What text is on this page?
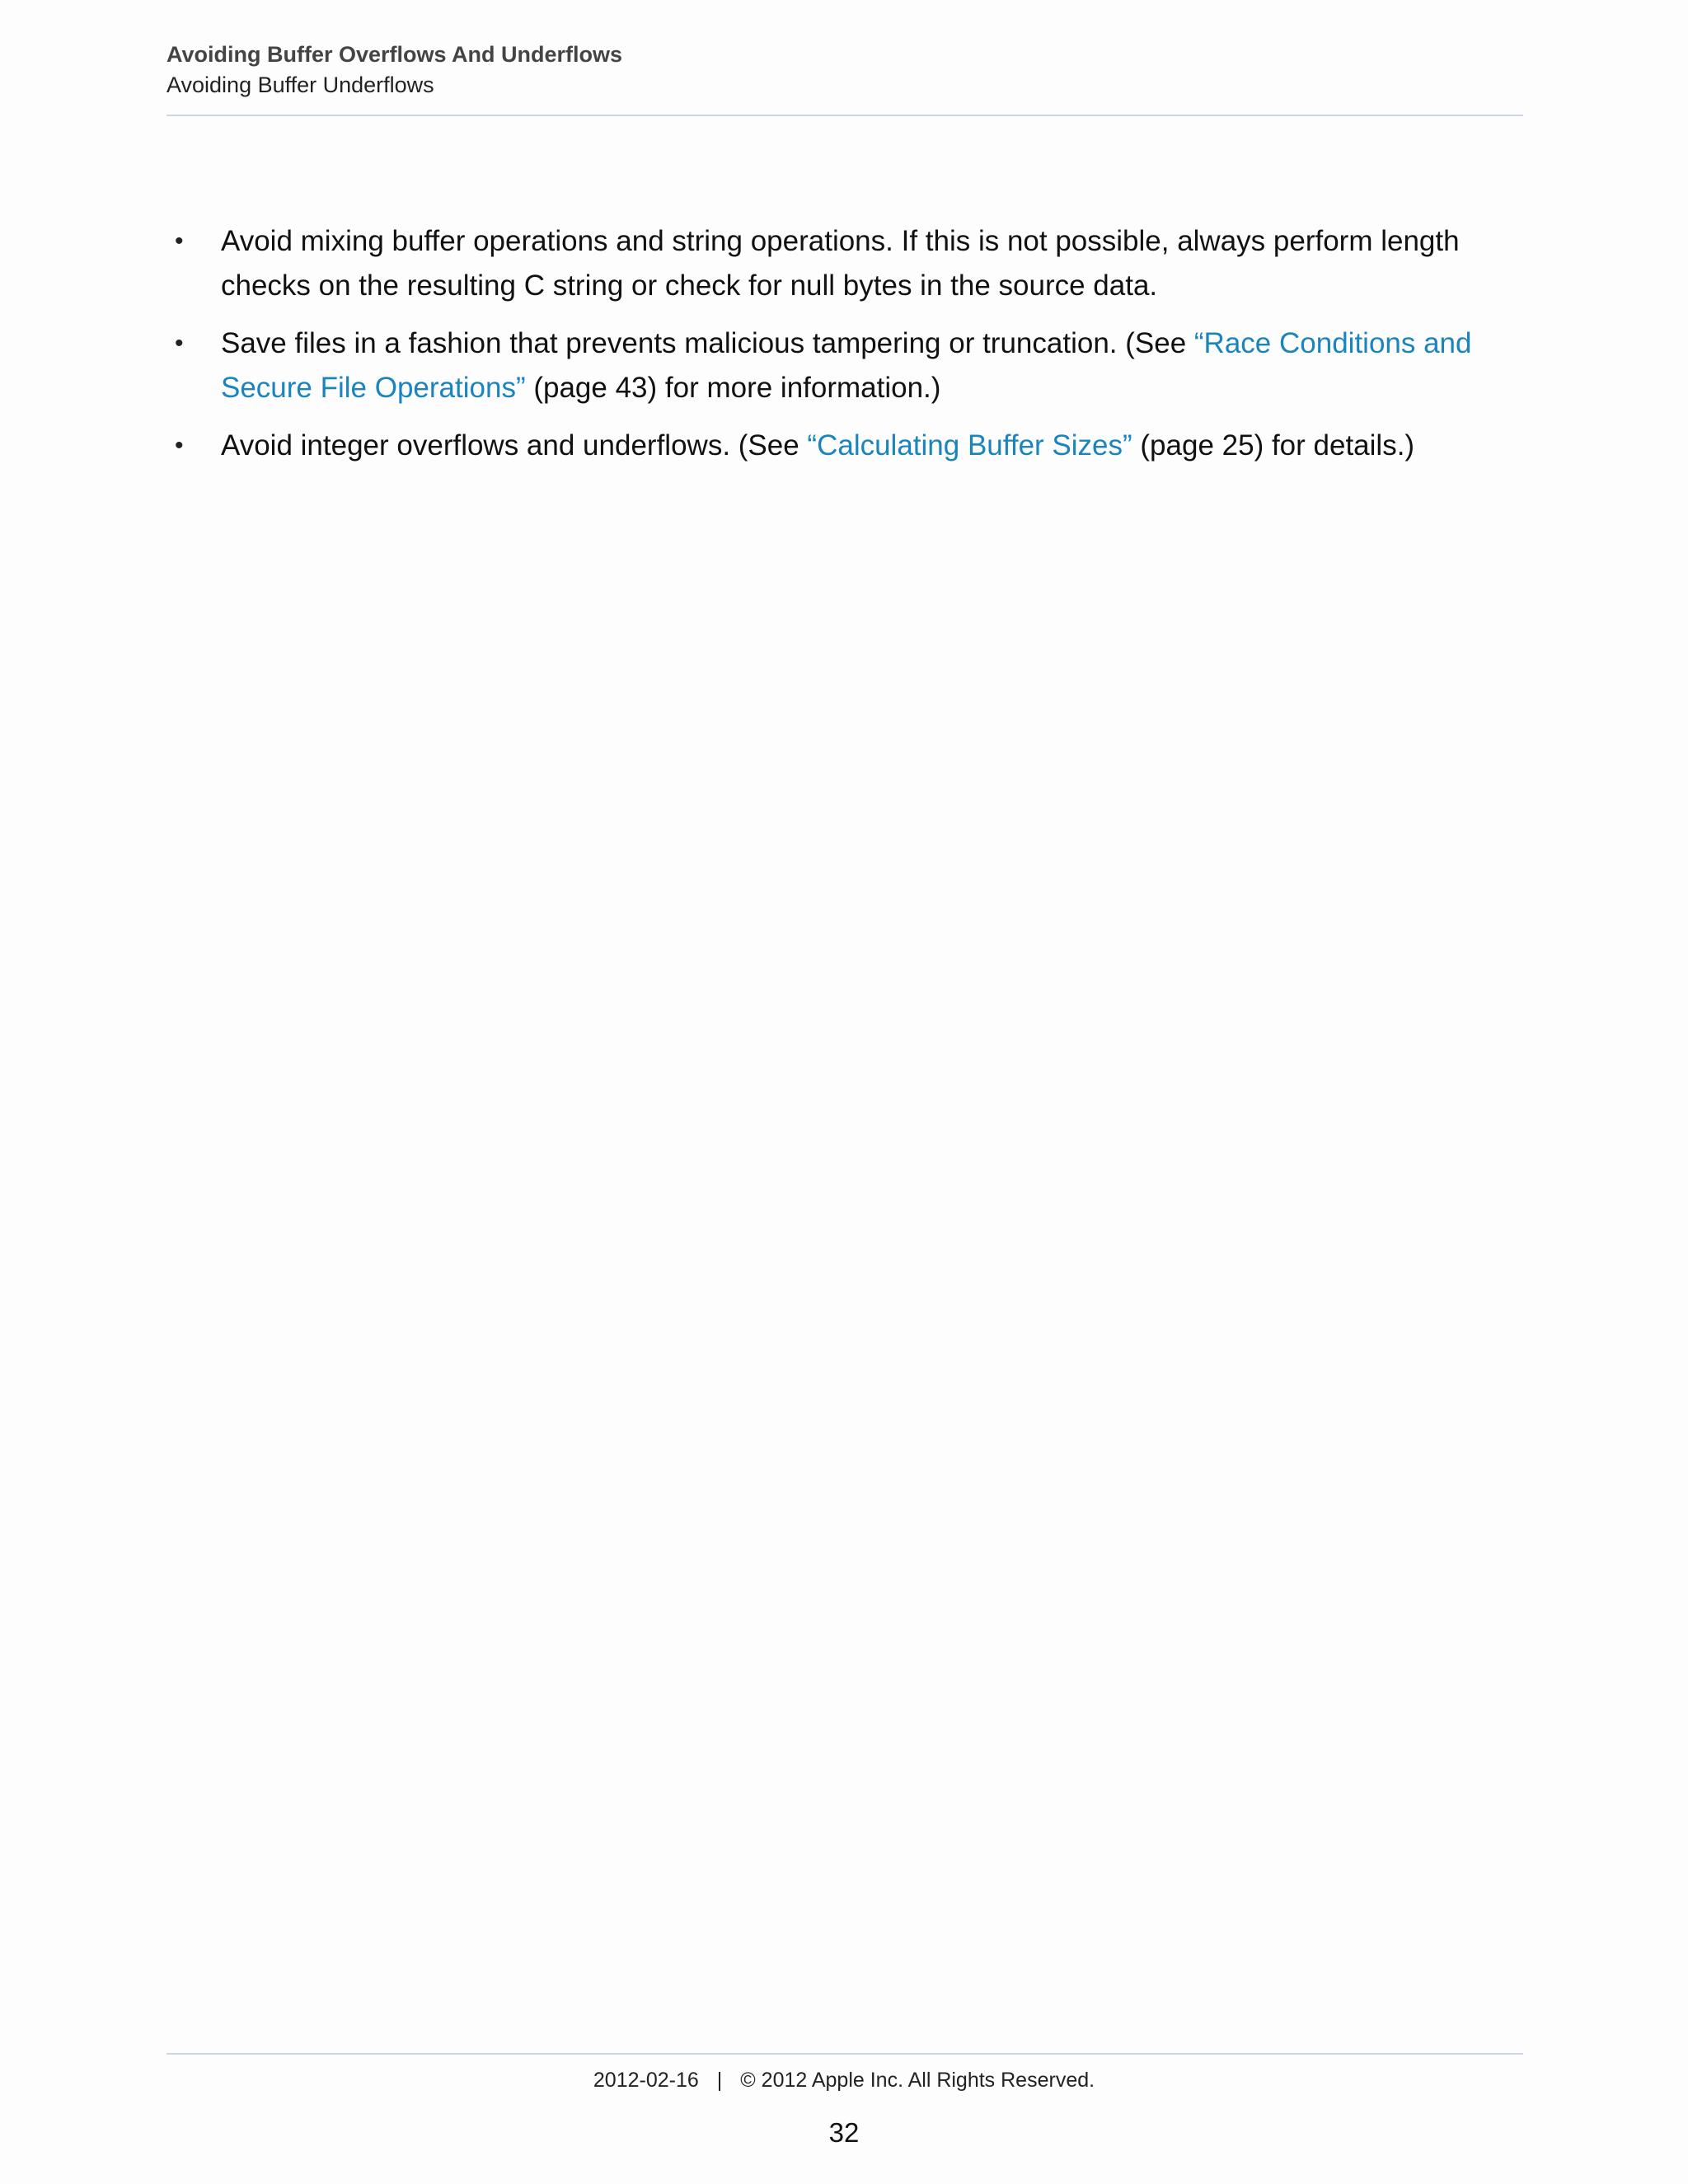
Avoiding Buffer Overflows And Underflows
Avoiding Buffer Underflows
• Avoid mixing buffer operations and string operations. If this is not possible, always perform length checks on the resulting C string or check for null bytes in the source data.
• Save files in a fashion that prevents malicious tampering or truncation. (See “Race Conditions and Secure File Operations” (page 43) for more information.)
• Avoid integer overflows and underflows. (See “Calculating Buffer Sizes” (page 25) for details.)
2012-02-16 | © 2012 Apple Inc. All Rights Reserved.
32
